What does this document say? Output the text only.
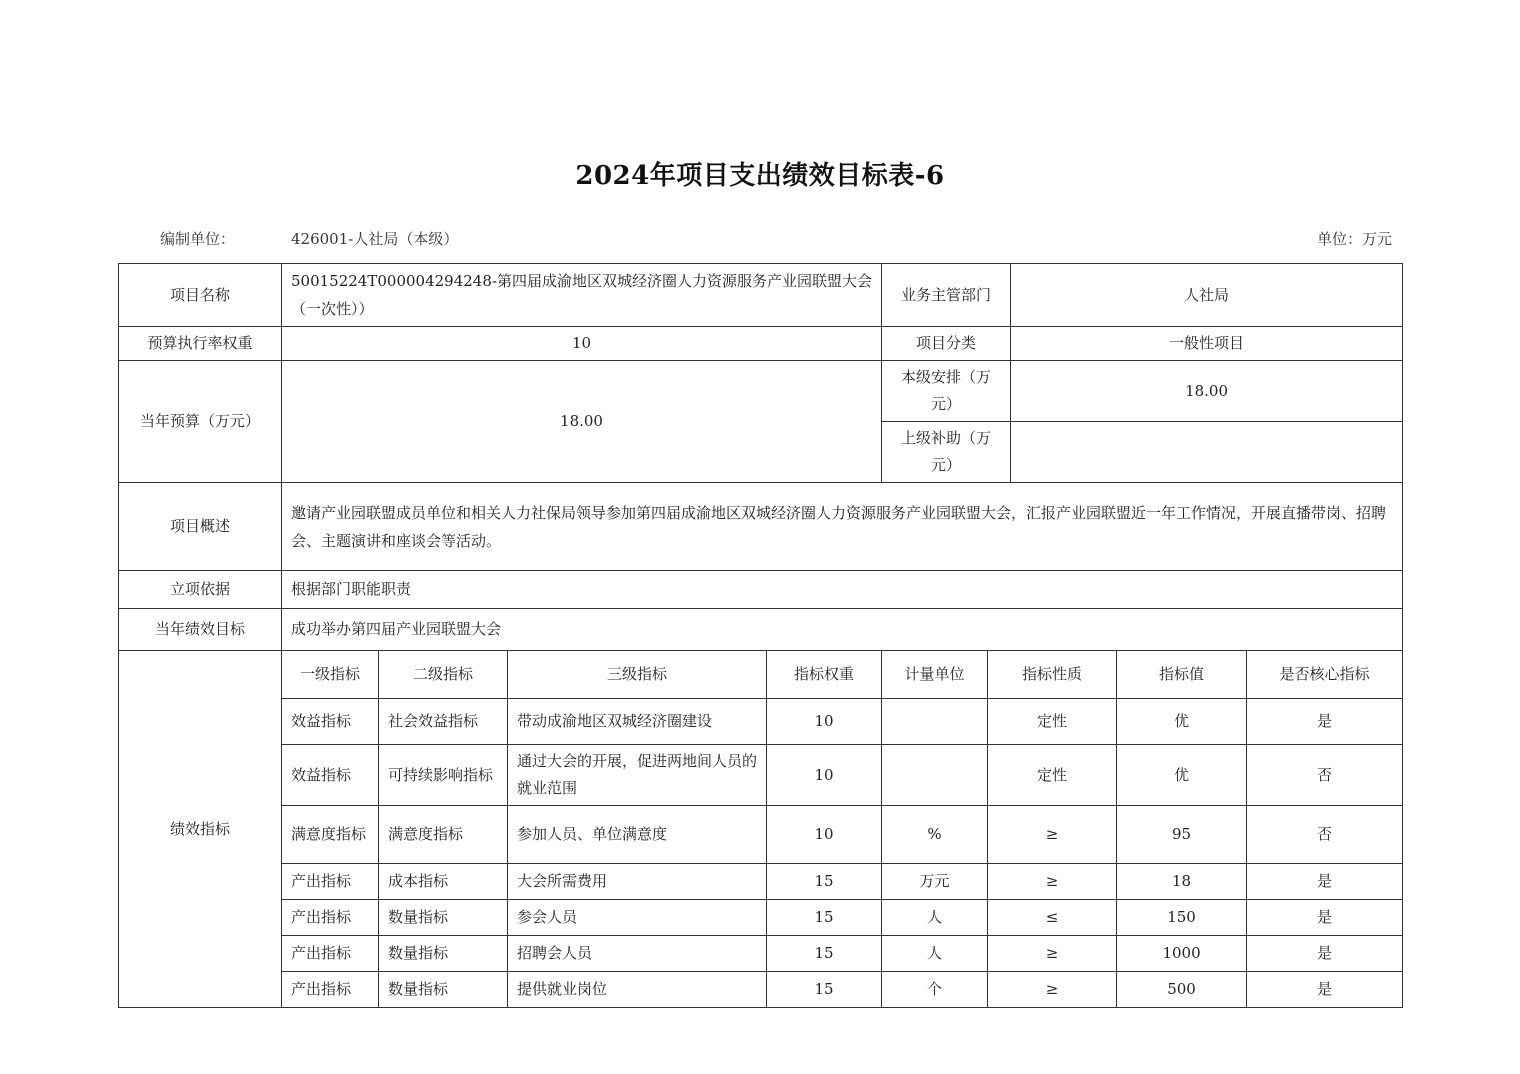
2024年项目支出绩效目标表-6
编制单位：	426001-人社局（本级）	单位：万元
项目名称	50015224T000004294248-第四届成渝地区双城经济圈人力资源服务产业园联盟大会（一次性））				业务主管部门		人社局		
预算执行率权重	10				项目分类		一般性项目		
当年预算（万元）	18.00				本级安排（万元）		18.00		
					上级补助（万元）				
项目概述	邀请产业园联盟成员单位和相关人力社保局领导参加第四届成渝地区双城经济圈人力资源服务产业园联盟大会，汇报产业园联盟近一年工作情况，开展直播带岗、招聘会、主题演讲和座谈会等活动。								
立项依据	根据部门职能职责								
当年绩效目标	成功举办第四届产业园联盟大会								
绩效指标	一级指标	二级指标	三级指标	指标权重	计量单位	指标性质		指标值	是否核心指标
	效益指标	社会效益指标	带动成渝地区双城经济圈建设	10		定性		优	是
	效益指标	可持续影响指标	通过大会的开展，促进两地间人员的就业范围	10		定性		优	否
	满意度指标	满意度指标	参加人员、单位满意度	10	%	≥		95	否
	产出指标	成本指标	大会所需费用	15	万元	≥		18	是
	产出指标	数量指标	参会人员	15	人	≤		150	是
	产出指标	数量指标	招聘会人员	15	人	≥		1000	是
	产出指标	数量指标	提供就业岗位	15	个	≥		500	是
